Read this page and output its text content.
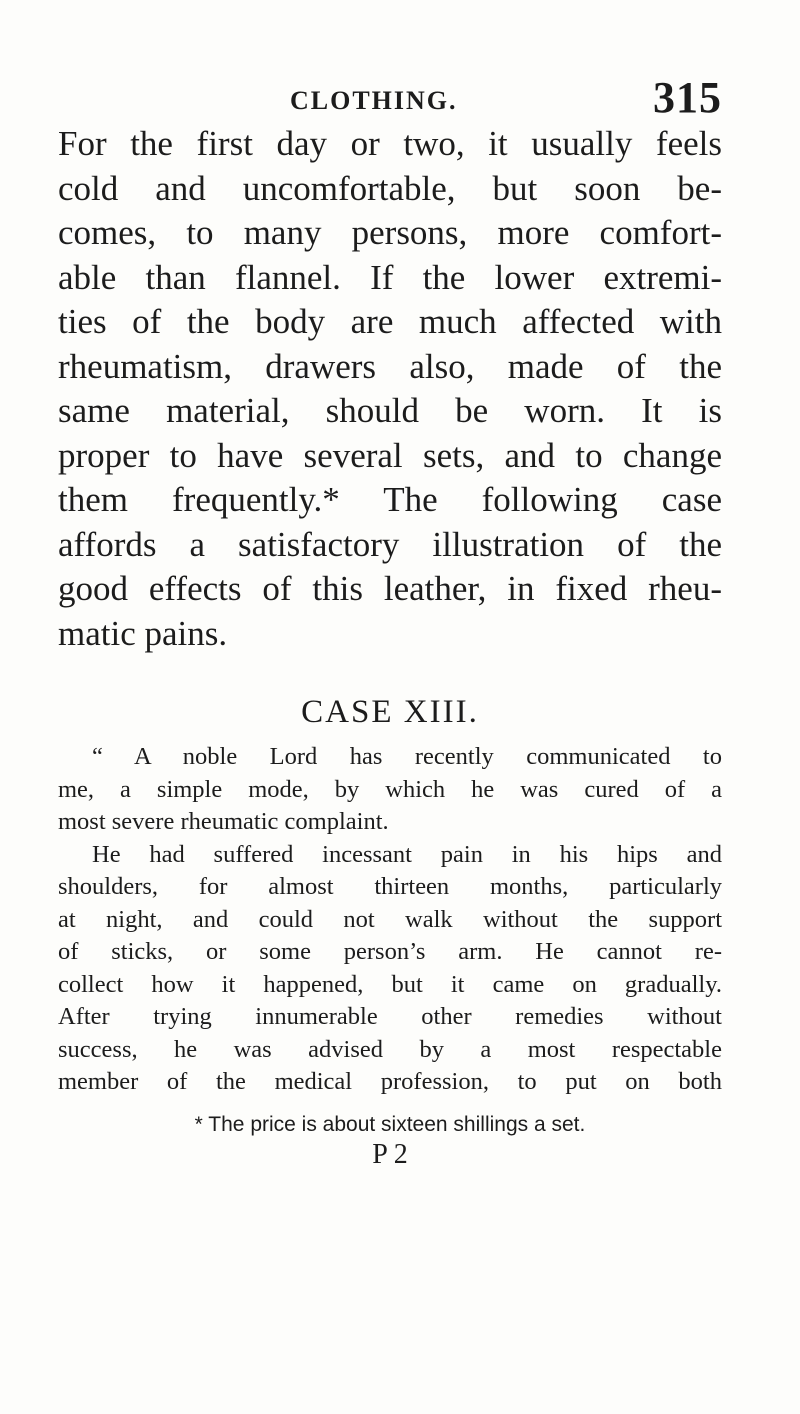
CLOTHING.	315
For the first day or two, it usually feels
cold and uncomfortable, but soon be-
comes, to many persons, more comfort-
able than flannel. If the lower extremi-
ties of the body are much affected with
rheumatism, drawers also, made of the
same material, should be worn. It is
proper to have several sets, and to change
them frequently.* The following case
affords a satisfactory illustration of the
good effects of this leather, in fixed rheu-
matic pains.
CASE XIII.
“ A noble Lord has recently communicated to
me, a simple mode, by which he was cured of a
most severe rheumatic complaint.
He had suffered incessant pain in his hips and
shoulders, for almost thirteen months, particularly
at night, and could not walk without the support
of sticks, or some person’s arm. He cannot re-
collect how it happened, but it came on gradually.
After trying innumerable other remedies without
success, he was advised by a most respectable
member of the medical profession, to put on both
* The price is about sixteen shillings a set.
P 2
